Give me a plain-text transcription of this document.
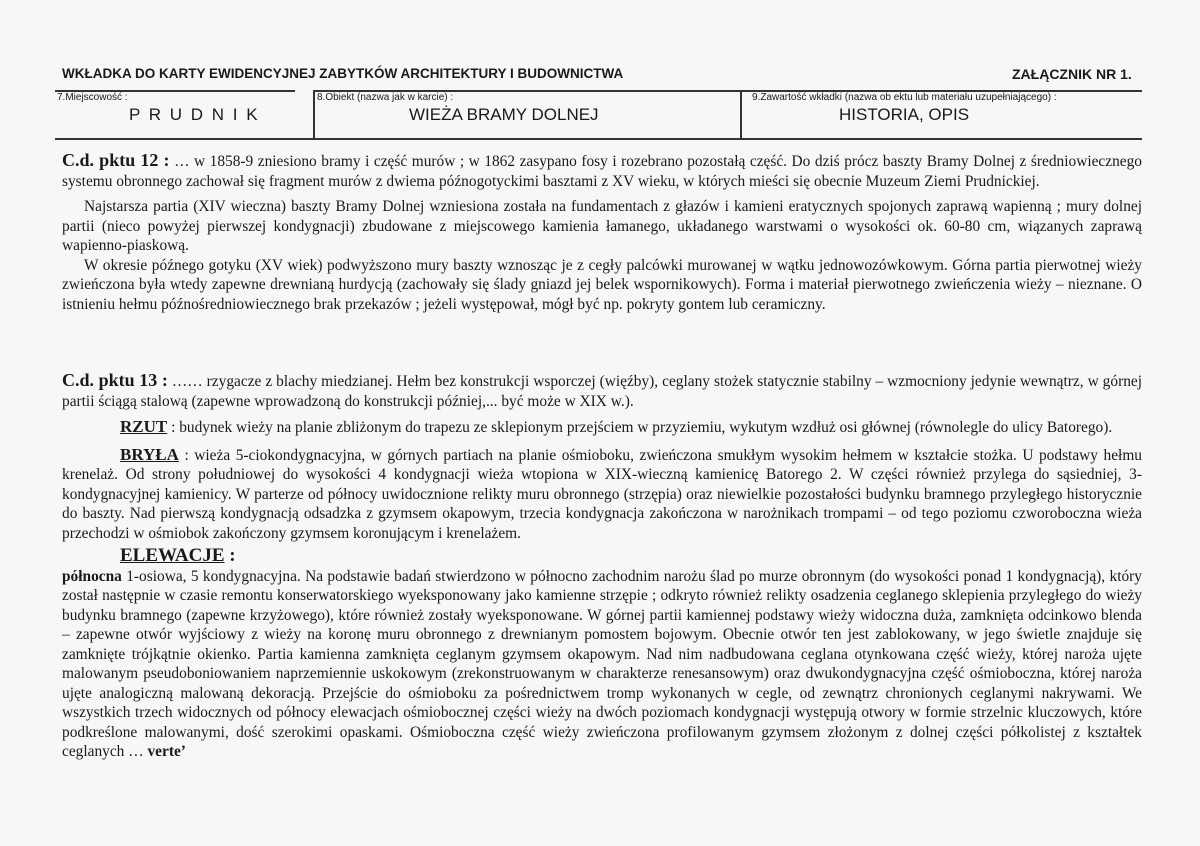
WKŁADKA DO KARTY EWIDENCYJNEJ ZABYTKÓW ARCHITEKTURY I BUDOWNICTWA	ZAŁĄCZNIK NR 1.
7.Miejscowość :
P R U D N I K
8.Obiekt (nazwa jak w karcie) :
WIEŻA BRAMY DOLNEJ
9.Zawartość wkładki (nazwa ob ektu lub materiału uzupełniającego) :
HISTORIA, OPIS

C.d. pktu 12 : … w 1858-9 zniesiono bramy i część murów ; w 1862 zasypano fosy i rozebrano pozostałą część. Do dziś prócz baszty Bramy Dolnej z średniowiecznego systemu obronnego zachował się fragment murów z dwiema późnogotyckimi basztami z XV wieku, w których mieści się obecnie Muzeum Ziemi Prudnickiej.

Najstarsza partia (XIV wieczna) baszty Bramy Dolnej wzniesiona została na fundamentach z głazów i kamieni eratycznych spojonych zaprawą wapienną ; mury dolnej partii (nieco powyżej pierwszej kondygnacji) zbudowane z miejscowego kamienia łamanego, układanego warstwami o wysokości ok. 60-80 cm, wiązanych zaprawą wapienno-piaskową.

W okresie późnego gotyku (XV wiek) podwyższono mury baszty wznosząc je z cegły palcówki murowanej w wątku jednowozówkowym. Górna partia pierwotnej wieży zwieńczona była wtedy zapewne drewnianą hurdycją (zachowały się ślady gniazd jej belek wspornikowych). Forma i materiał pierwotnego zwieńczenia wieży – nieznane. O istnieniu hełmu późnośredniowiecznego brak przekazów ; jeżeli występował, mógł być np. pokryty gontem lub ceramiczny.

C.d. pktu 13 : …… rzygacze z blachy miedzianej. Hełm bez konstrukcji wsporczej (więźby), ceglany stożek statycznie stabilny – wzmocniony jedynie wewnątrz, w górnej partii ściągą stalową (zapewne wprowadzoną do konstrukcji później,... być może w XIX w.).

RZUT : budynek wieży na planie zbliżonym do trapezu ze sklepionym przejściem w przyziemiu, wykutym wzdłuż osi głównej (równolegle do ulicy Batorego).

BRYŁA : wieża 5-ciokondygnacyjna, w górnych partiach na planie ośmioboku, zwieńczona smukłym wysokim hełmem w kształcie stożka. U podstawy hełmu krenelaż. Od strony południowej do wysokości 4 kondygnacji wieża wtopiona w XIX-wieczną kamienicę Batorego 2. W części również przylega do sąsiedniej, 3-kondygnacyjnej kamienicy. W parterze od północy uwidocznione relikty muru obronnego (strzępia) oraz niewielkie pozostałości budynku bramnego przyległego historycznie do baszty. Nad pierwszą kondygnacją odsadzka z gzymsem okapowym, trzecia kondygnacja zakończona w narożnikach trompami – od tego poziomu czworoboczna wieża przechodzi w ośmiobok zakończony gzymsem koronującym i krenelażem.

ELEWACJE :

północna 1-osiowa, 5 kondygnacyjna. Na podstawie badań stwierdzono w północno zachodnim narożu ślad po murze obronnym (do wysokości ponad 1 kondygnacją), który został następnie w czasie remontu konserwatorskiego wyeksponowany jako kamienne strzępie ; odkryto również relikty osadzenia ceglanego sklepienia przyległego do wieży budynku bramnego (zapewne krzyżowego), które również zostały wyeksponowane. W górnej partii kamiennej podstawy wieży widoczna duża, zamknięta odcinkowo blenda – zapewne otwór wyjściowy z wieży na koronę muru obronnego z drewnianym pomostem bojowym. Obecnie otwór ten jest zablokowany, w jego świetle znajduje się zamknięte trójkątnie okienko. Partia kamienna zamknięta ceglanym gzymsem okapowym. Nad nim nadbudowana ceglana otynkowana część wieży, której naroża ujęte malowanym pseudoboniowaniem naprzemiennie uskokowym (zrekonstruowanym w charakterze renesansowym) oraz dwukondygnacyjna część ośmioboczna, której naroża ujęte analogiczną malowaną dekoracją. Przejście do ośmioboku za pośrednictwem tromp wykonanych w cegle, od zewnątrz chronionych ceglanymi nakrywami. We wszystkich trzech widocznych od północy elewacjach ośmiobocznej części wieży na dwóch poziomach kondygnacji występują otwory w formie strzelnic kluczowych, które podkreślone malowanymi, dość szerokimi opaskami. Ośmioboczna część wieży zwieńczona profilowanym gzymsem złożonym z dolnej części półkolistej z kształtek ceglanych … verte’
